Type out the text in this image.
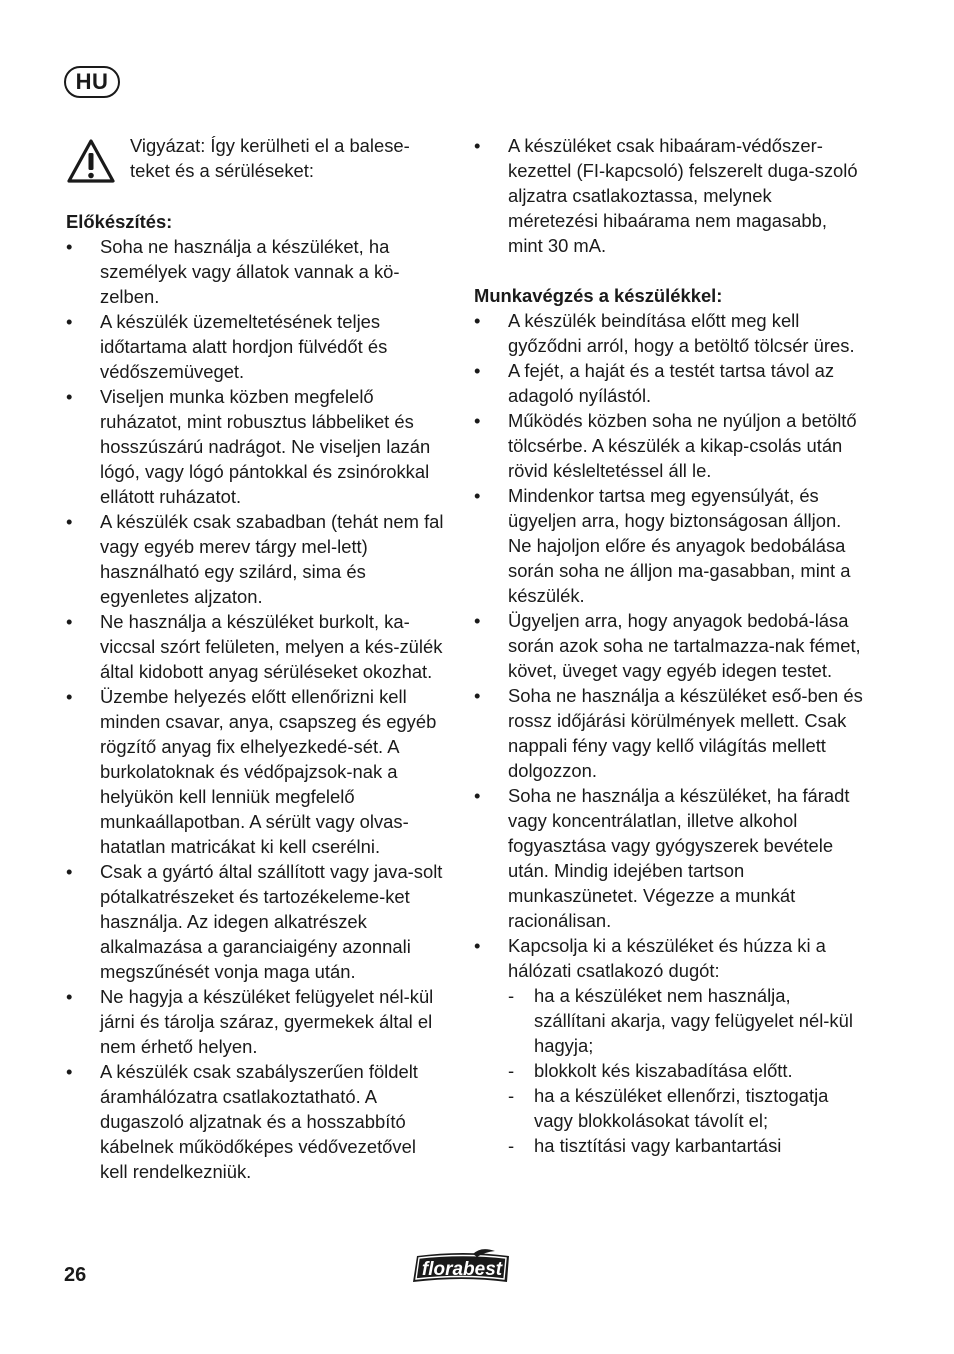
HU
Vigyázat: Így kerülheti el a balese-teket és a sérüléseket:
Előkészítés:
• Soha ne használja a készüléket, ha személyek vagy állatok vannak a kö-zelben.
• A készülék üzemeltetésének teljes időtartama alatt hordjon fülvédőt és védőszemüveget.
• Viseljen munka közben megfelelő ruházatot, mint robusztus lábbeliket és hosszúszárú nadrágot. Ne viseljen lazán lógó, vagy lógó pántokkal és zsinórokkal ellátott ruházatot.
• A készülék csak szabadban (tehát nem fal vagy egyéb merev tárgy mel-lett) használható egy szilárd, sima és egyenletes aljzaton.
• Ne használja a készüléket burkolt, ka-viccsal szórt felületen, melyen a kés-zülék által kidobott anyag sérüléseket okozhat.
• Üzembe helyezés előtt ellenőrizni kell minden csavar, anya, csapszeg és egyéb rögzítő anyag fix elhelyezkedé-sét. A burkolatoknak és védőpajzsok-nak a helyükön kell lenniük megfelelő munkaállapotban. A sérült vagy olvas-hatatlan matricákat ki kell cserélni.
• Csak a gyártó által szállított vagy java-solt pótalkatrészeket és tartozékeleme-ket használja. Az idegen alkatrészek alkalmazása a garanciaigény azonnali megszűnését vonja maga után.
• Ne hagyja a készüléket felügyelet nél-kül járni és tárolja száraz, gyermekek által el nem érhető helyen.
• A készülék csak szabályszerűen földelt áramhálózatra csatlakoztatható. A dugaszoló aljzatnak és a hosszabbító kábelnek működőképes védővezetővel kell rendelkezniük.
• A készüléket csak hibaáram-védőszer-kezettel (FI-kapcsoló) felszerelt duga-szoló aljzatra csatlakoztassa, melynek méretezési hibaárama nem magasabb, mint 30 mA.
Munkavégzés a készülékkel:
• A készülék beindítása előtt meg kell győződni arról, hogy a betöltő tölcsér üres.
• A fejét, a haját és a testét tartsa távol az adagoló nyílástól.
• Működés közben soha ne nyúljon a betöltő tölcsérbe. A készülék a kikap-csolás után rövid késleltetéssel áll le.
• Mindenkor tartsa meg egyensúlyát, és ügyeljen arra, hogy biztonságosan álljon. Ne hajoljon előre és anyagok bedobálása során soha ne álljon ma-gasabban, mint a készülék.
• Ügyeljen arra, hogy anyagok bedobá-lása során azok soha ne tartalmazza-nak fémet, követ, üveget vagy egyéb idegen testet.
• Soha ne használja a készüléket eső-ben és rossz időjárási körülmények mellett. Csak nappali fény vagy kellő világítás mellett dolgozzon.
• Soha ne használja a készüléket, ha fáradt vagy koncentrálatlan, illetve alkohol fogyasztása vagy gyógyszerek bevétele után. Mindig idejében tartson munkaszünetet. Végezze a munkát racionálisan.
• Kapcsolja ki a készüléket és húzza ki a hálózati csatlakozó dugót:
- ha a készüléket nem használja, szállítani akarja, vagy felügyelet nél-kül hagyja;
- blokkolt kés kiszabadítása előtt.
- ha a készüléket ellenőrzi, tisztogatja vagy blokkolásokat távolít el;
- ha tisztítási vagy karbantartási
26	florabest
